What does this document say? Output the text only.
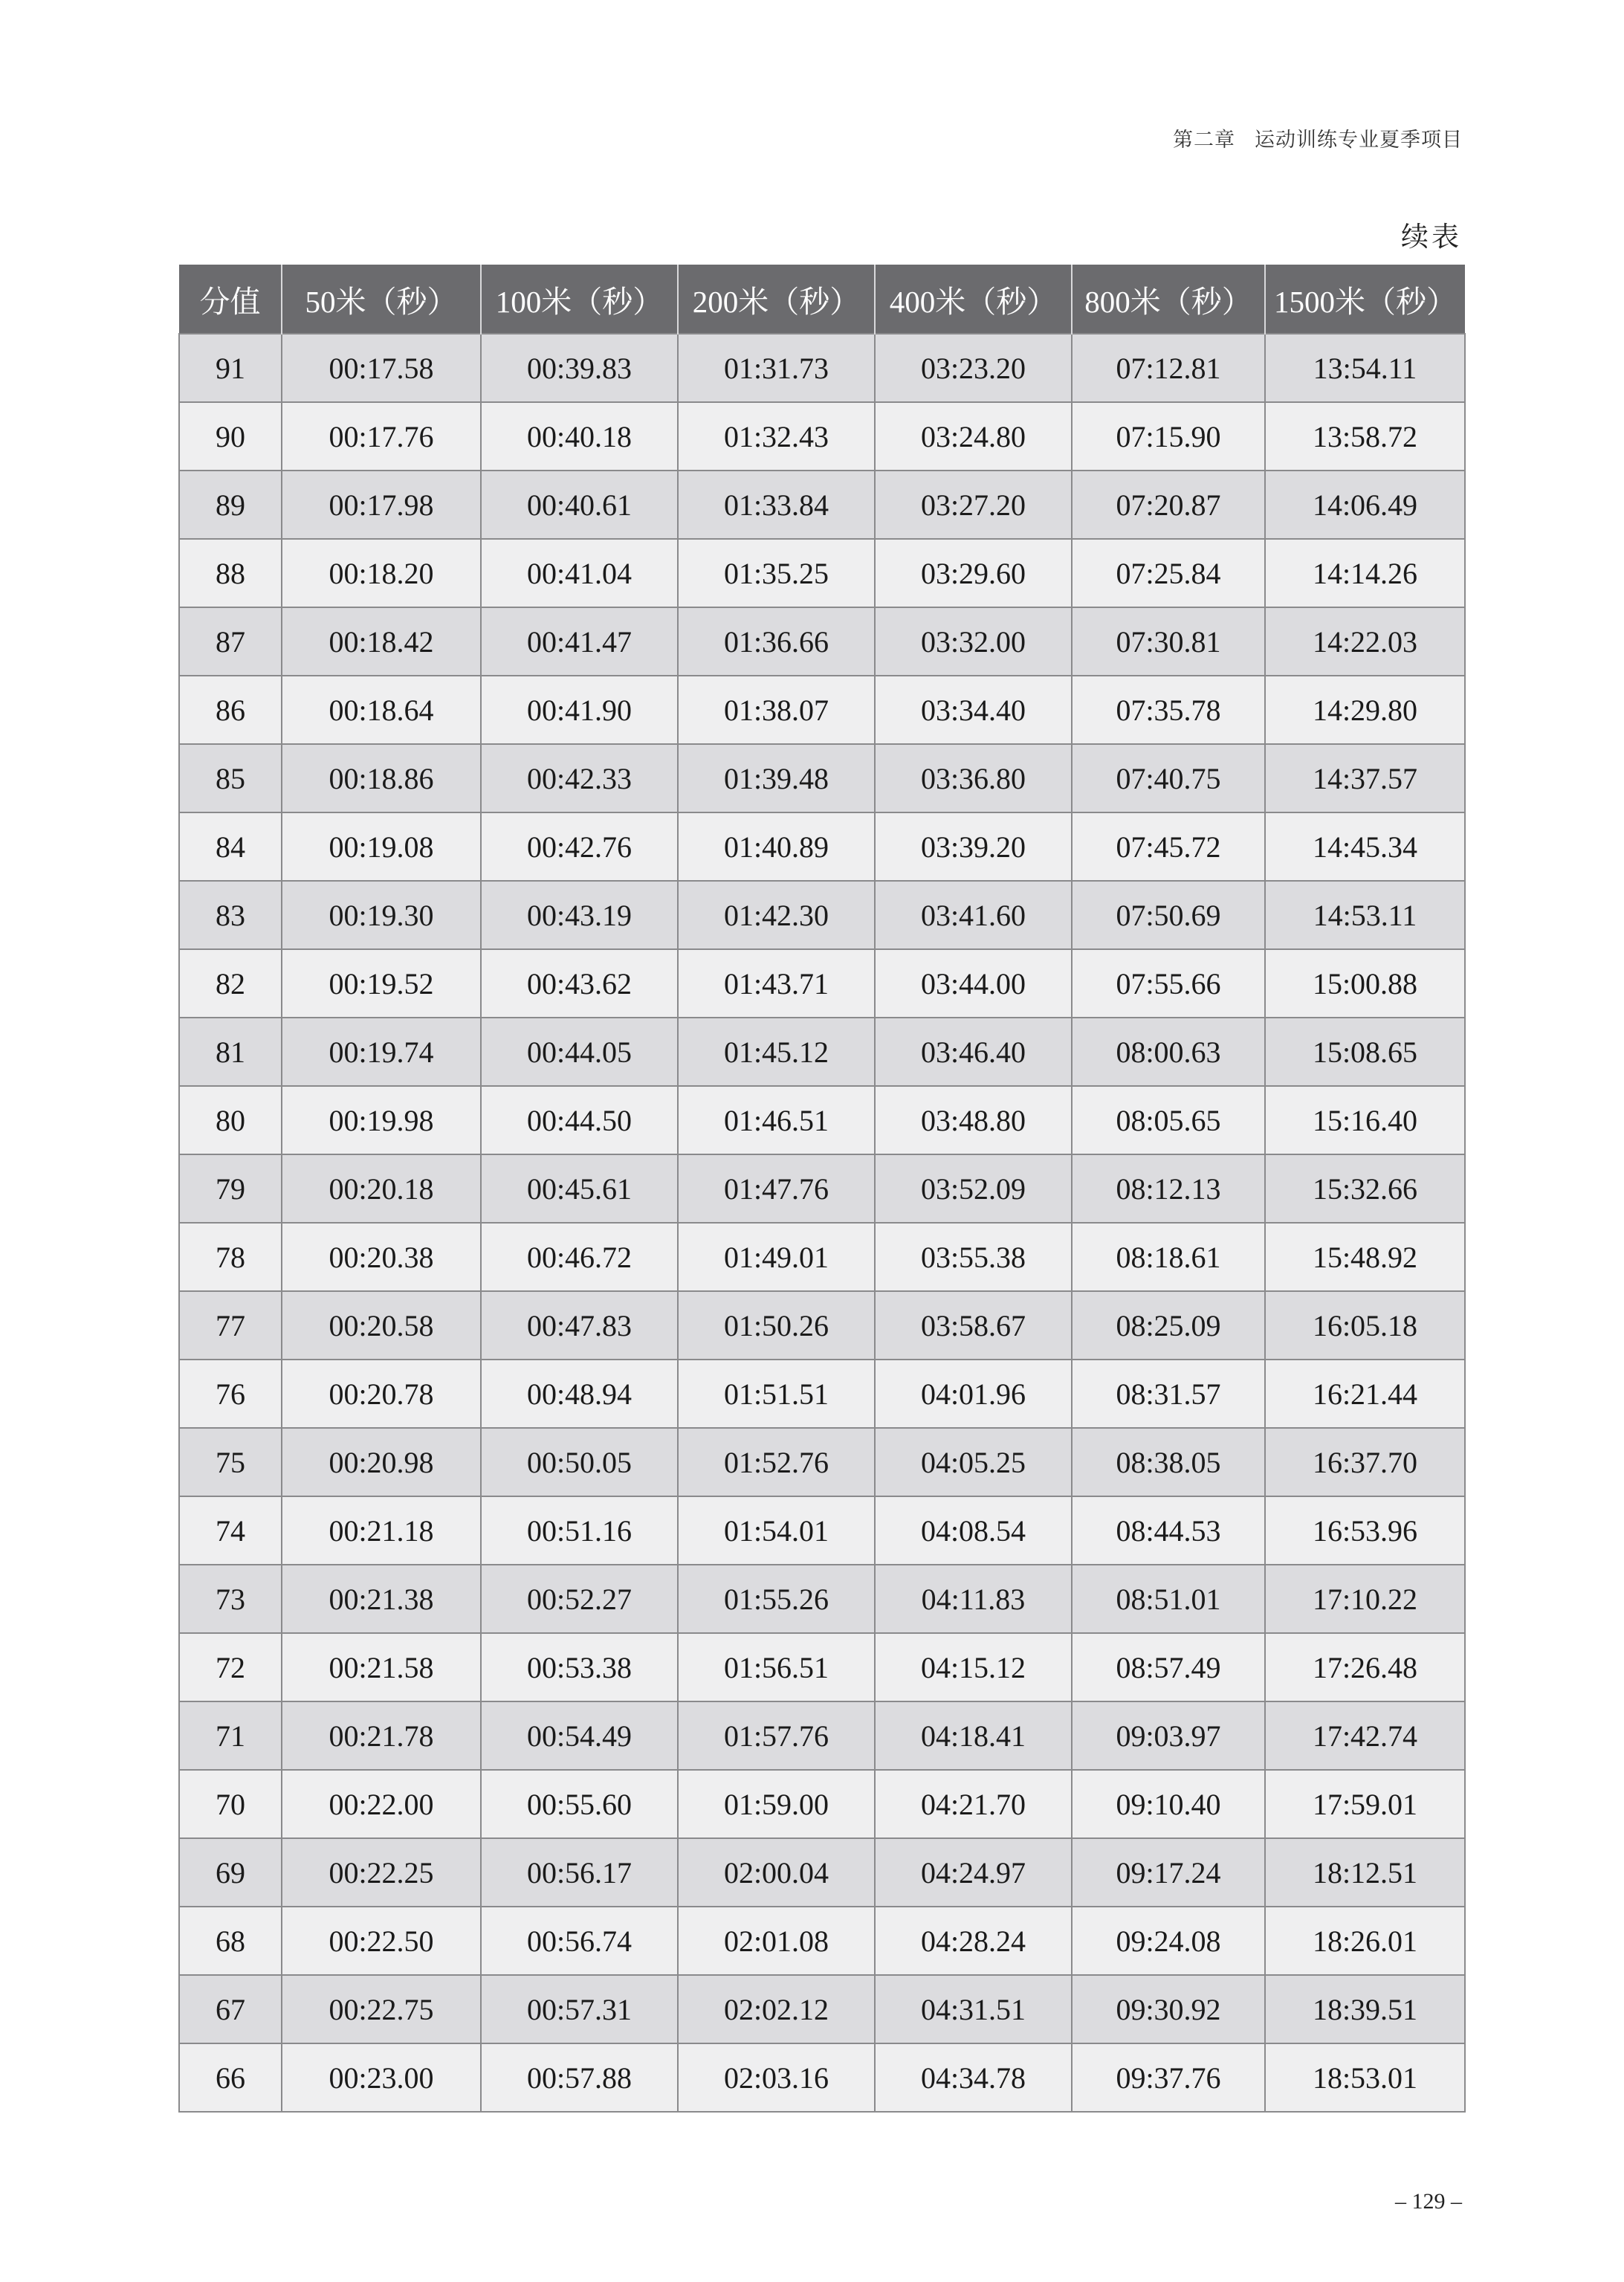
第二章 运动训练专业夏季项目
续表
分值	50米（秒）	100米（秒）	200米（秒）	400米（秒）	800米（秒）	1500米（秒）
91	00:17.58	00:39.83	01:31.73	03:23.20	07:12.81	13:54.11
90	00:17.76	00:40.18	01:32.43	03:24.80	07:15.90	13:58.72
89	00:17.98	00:40.61	01:33.84	03:27.20	07:20.87	14:06.49
88	00:18.20	00:41.04	01:35.25	03:29.60	07:25.84	14:14.26
87	00:18.42	00:41.47	01:36.66	03:32.00	07:30.81	14:22.03
86	00:18.64	00:41.90	01:38.07	03:34.40	07:35.78	14:29.80
85	00:18.86	00:42.33	01:39.48	03:36.80	07:40.75	14:37.57
84	00:19.08	00:42.76	01:40.89	03:39.20	07:45.72	14:45.34
83	00:19.30	00:43.19	01:42.30	03:41.60	07:50.69	14:53.11
82	00:19.52	00:43.62	01:43.71	03:44.00	07:55.66	15:00.88
81	00:19.74	00:44.05	01:45.12	03:46.40	08:00.63	15:08.65
80	00:19.98	00:44.50	01:46.51	03:48.80	08:05.65	15:16.40
79	00:20.18	00:45.61	01:47.76	03:52.09	08:12.13	15:32.66
78	00:20.38	00:46.72	01:49.01	03:55.38	08:18.61	15:48.92
77	00:20.58	00:47.83	01:50.26	03:58.67	08:25.09	16:05.18
76	00:20.78	00:48.94	01:51.51	04:01.96	08:31.57	16:21.44
75	00:20.98	00:50.05	01:52.76	04:05.25	08:38.05	16:37.70
74	00:21.18	00:51.16	01:54.01	04:08.54	08:44.53	16:53.96
73	00:21.38	00:52.27	01:55.26	04:11.83	08:51.01	17:10.22
72	00:21.58	00:53.38	01:56.51	04:15.12	08:57.49	17:26.48
71	00:21.78	00:54.49	01:57.76	04:18.41	09:03.97	17:42.74
70	00:22.00	00:55.60	01:59.00	04:21.70	09:10.40	17:59.01
69	00:22.25	00:56.17	02:00.04	04:24.97	09:17.24	18:12.51
68	00:22.50	00:56.74	02:01.08	04:28.24	09:24.08	18:26.01
67	00:22.75	00:57.31	02:02.12	04:31.51	09:30.92	18:39.51
66	00:23.00	00:57.88	02:03.16	04:34.78	09:37.76	18:53.01
– 129 –
